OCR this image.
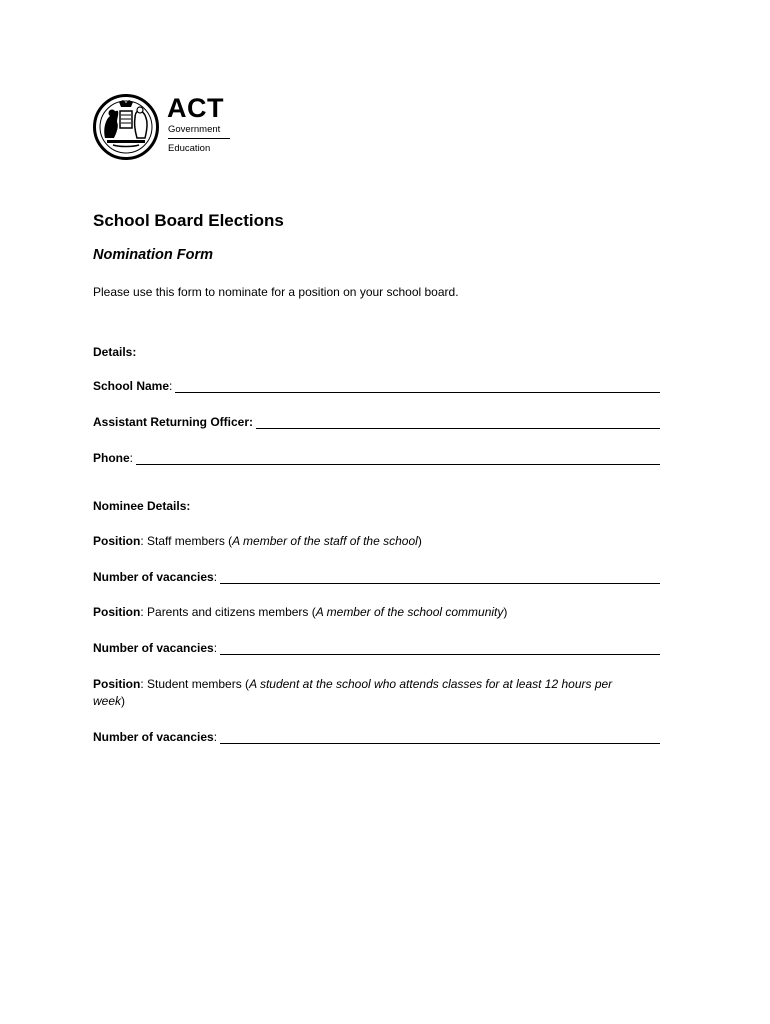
ACT
Government
Education
School Board Elections
Nomination Form
Please use this form to nominate for a position on your school board.
Details:
School Name :
Assistant Returning Officer:
Phone :
Nominee Details:
Position: Staff members (A member of the staff of the school)
Number of vacancies :
Position: Parents and citizens members (A member of the school community)
Number of vacancies :
Position: Student members (A student at the school who attends classes for at least 12 hours per week)
Number of vacancies :
